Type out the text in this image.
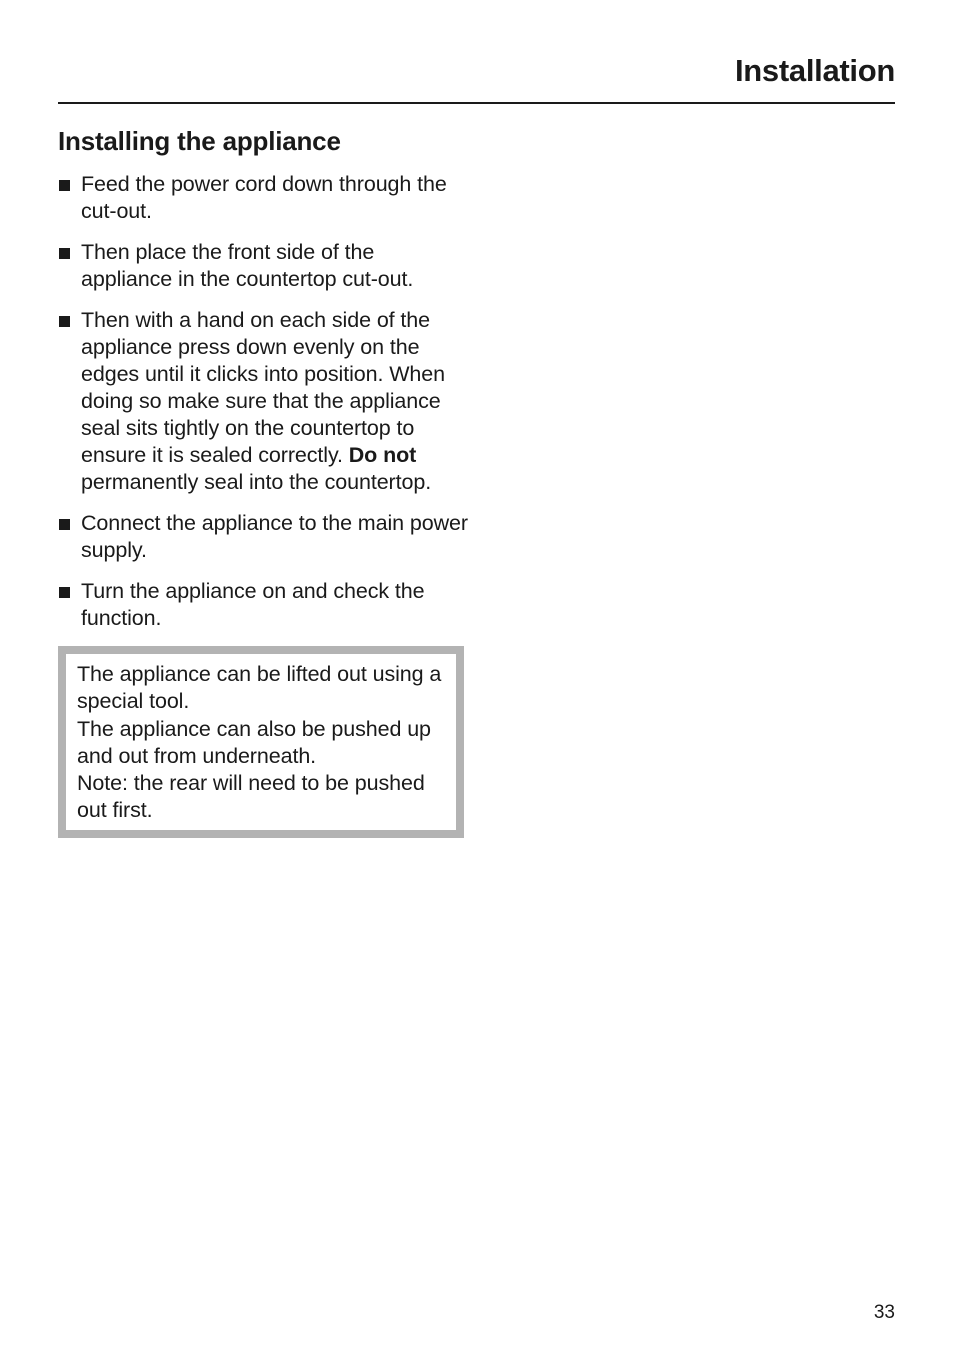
Installation
Installing the appliance
Feed the power cord down through the cut-out.
Then place the front side of the appliance in the countertop cut-out.
Then with a hand on each side of the appliance press down evenly on the edges until it clicks into position. When doing so make sure that the appliance seal sits tightly on the countertop to ensure it is sealed correctly. Do not permanently seal into the countertop.
Connect the appliance to the main power supply.
Turn the appliance on and check the function.

The appliance can be lifted out using a special tool.

The appliance can also be pushed up and out from underneath.

Note: the rear will need to be pushed out first.

33
